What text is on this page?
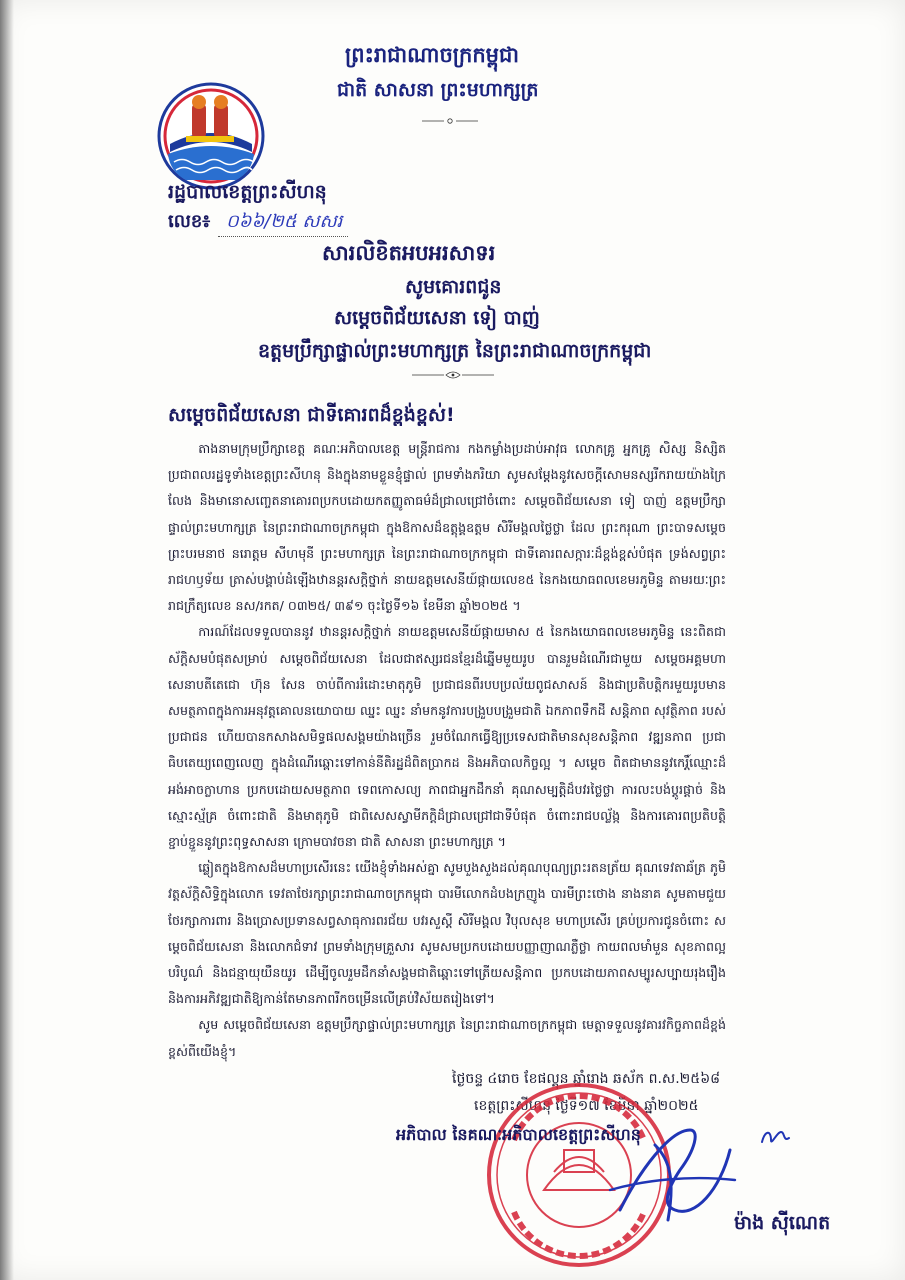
ព្រះរាជាណាចក្រកម្ពុជា
ជាតិ សាសនា ព្រះមហាក្សត្រ
រដ្ឋបាលខេត្តព្រះសីហនុ
លេខ៖ ០៦៦/២៥ សសរ
សារលិខិតអបអរសាទរ
សូមគោរពជូន
សម្តេចពិជ័យសេនា ទៀ បាញ់
ឧត្តមប្រឹក្សាផ្ទាល់ព្រះមហាក្សត្រ នៃព្រះរាជាណាចក្រកម្ពុជា
សម្តេចពិជ័យសេនា ជាទីគោរពដ៏ខ្ពង់ខ្ពស់!

តាងនាមក្រុមប្រឹក្សាខេត្ត គណៈអភិបាលខេត្ត មន្ត្រីរាជការ កងកម្លាំងប្រដាប់អាវុធ លោកគ្រូ អ្នកគ្រូ សិស្ស និស្សិត ប្រជាពលរដ្ឋទូទាំងខេត្តព្រះសីហនុ និងក្នុងនាមខ្លួនខ្ញុំផ្ទាល់ ព្រមទាំងភរិយា សូមសម្តែងនូវសេចក្តីសោមនស្សរីករាយយ៉ាងក្រៃលែង និងមានោសញ្ចេតនាគោរពប្រកបដោយកតញ្ញូតាធម៌ដ៏ជ្រាលជ្រៅចំពោះ សម្តេចពិជ័យសេនា ទៀ បាញ់ ឧត្តមប្រឹក្សាផ្ទាល់ព្រះមហាក្សត្រ នៃព្រះរាជាណាចក្រកម្ពុជា ក្នុងឱកាសដ៏ឧត្តុង្គឧត្តម សិរីមង្គលថ្លៃថ្លា ដែល ព្រះករុណា ព្រះបាទសម្តេចព្រះបរមនាថ នរោត្តម សីហមុនី ព្រះមហាក្សត្រ នៃព្រះរាជាណាចក្រកម្ពុជា ជាទីគោរពសក្ការៈដ៏ខ្ពង់ខ្ពស់បំផុត ទ្រង់សព្វព្រះរាជហឫទ័យ ត្រាស់បង្គាប់ដំឡើងឋានន្តរសក្តិថ្នាក់ នាយឧត្តមសេនីយ៍ផ្កាយលេខ៥ នៃកងយោធពលខេមរភូមិន្ទ តាមរយៈព្រះរាជក្រឹត្យលេខ នស/រកត/ ០៣២៥/ ៣៩១ ចុះថ្ងៃទី១៦ ខែមីនា ឆ្នាំ២០២៥ ។

ការណ៍ដែលទទួលបាននូវ ឋានន្តរសក្តិថ្នាក់ នាយឧត្តមសេនីយ៍ផ្កាយមាស ៥ នៃកងយោធពលខេមរភូមិន្ទ នេះពិតជាស័ក្តិសមបំផុតសម្រាប់ សម្តេចពិជ័យសេនា ដែលជាឥស្សរជនខ្មែរដ៏ឆ្នើមមួយរូប បានរួមដំណើរជាមួយ សម្តេចអគ្គមហាសេនាបតីតេជោ ហ៊ុន សែន ចាប់ពីការរំដោះមាតុភូមិ ប្រជាជនពីរបបប្រល័យពូជសាសន៍ និងជាប្រតិបត្តិករមួយរូបមានសមត្ថភាពក្នុងការអនុវត្តគោលនយោបាយ ឈ្នះ ឈ្នះ នាំមកនូវការបង្រួបបង្រួមជាតិ ឯកភាពទឹកដី សន្តិភាព សុវត្ថិភាព របស់ប្រជាជន ហើយបានកសាងសមិទ្ធផលសង្គមយ៉ាងច្រើន រួមចំណែកធ្វើឱ្យប្រទេសជាតិមានសុខសន្តិភាព វឌ្ឍនភាព ប្រជាធិបតេយ្យពេញលេញ ក្នុងដំណើរឆ្ពោះទៅកាន់នីតិរដ្ឋដ៏ពិតប្រាកដ និងអភិបាលកិច្ចល្អ ។ សម្តេច ពិតជាមាននូវកេរ្តិ៍ឈ្មោះដ៏អង់អាចក្លាហាន ប្រកបដោយសមត្ថភាព ទេពកោសល្យ ភាពជាអ្នកដឹកនាំ គុណសម្បត្តិដ៏បវរថ្លៃថ្លា ការលះបង់ប្តូរផ្តាច់ និងស្មោះស្ម័គ្រ ចំពោះជាតិ និងមាតុភូមិ ជាពិសេសស្វាមីភក្តិដ៏ជ្រាលជ្រៅជាទីបំផុត ចំពោះរាជបល្ល័ង្ក និងការគោរពប្រតិបត្តិខ្ជាប់ខ្ជួននូវព្រះពុទ្ធសាសនា ក្រោមបាវចនា ជាតិ សាសនា ព្រះមហាក្សត្រ ។

ឆ្លៀតក្នុងឱកាសដ៏មហាប្រសើរនេះ យើងខ្ញុំទាំងអស់គ្នា សូមបួងសួងដល់គុណបុណ្យព្រះរតនត្រ័យ គុណទេវតាឆ័ត្រ ភូមិ វត្តស័ក្តិសិទ្ធិក្នុងលោក ទេវតាថែរក្សាព្រះរាជាណាចក្រកម្ពុជា បារមីលោកដំបងក្រញូង បារមីព្រះថោង នាងនាគ សូមតាមជួយថែរក្សាការពារ និងប្រោសប្រទានសព្វសាធុការពរជ័យ បវរសួស្តី សិរីមង្គល វិបុលសុខ មហាប្រសើរ គ្រប់ប្រការជូនចំពោះ សម្តេចពិជ័យសេនា និងលោកជំទាវ ព្រមទាំងក្រុមគ្រួសារ សូមសមប្រកបដោយបញ្ញាញាណភ្លឺថ្លា កាយពលមាំមួន សុខភាពល្អបរិបូណ៌ និងជន្មាយុយឺនយូរ ដើម្បីចូលរួមដឹកនាំសង្គមជាតិឆ្ពោះទៅត្រើយសន្តិភាព ប្រកបដោយភាពសម្បូរសប្បាយរុងរឿង និងការអភិវឌ្ឍជាតិឱ្យកាន់តែមានភាពរីកចម្រើនលើគ្រប់វិស័យតរៀងទៅ។

សូម សម្តេចពិជ័យសេនា ឧត្តមប្រឹក្សាផ្ទាល់ព្រះមហាក្សត្រ នៃព្រះរាជាណាចក្រកម្ពុជា មេត្តាទទួលនូវគារវកិច្ចភាពដ៏ខ្ពង់ខ្ពស់ពីយើងខ្ញុំ។

ថ្ងៃចន្ទ ៤រោច ខែផល្គុន ឆ្នាំរោង ឆស័ក ព.ស.២៥៦៨
ខេត្តព្រះសីហនុ ថ្ងៃទី១៧ ខែមីនា ឆ្នាំ២០២៥
អភិបាល នៃគណៈអភិបាលខេត្តព្រះសីហនុ
ម៉ាង ស៊ីណេត
